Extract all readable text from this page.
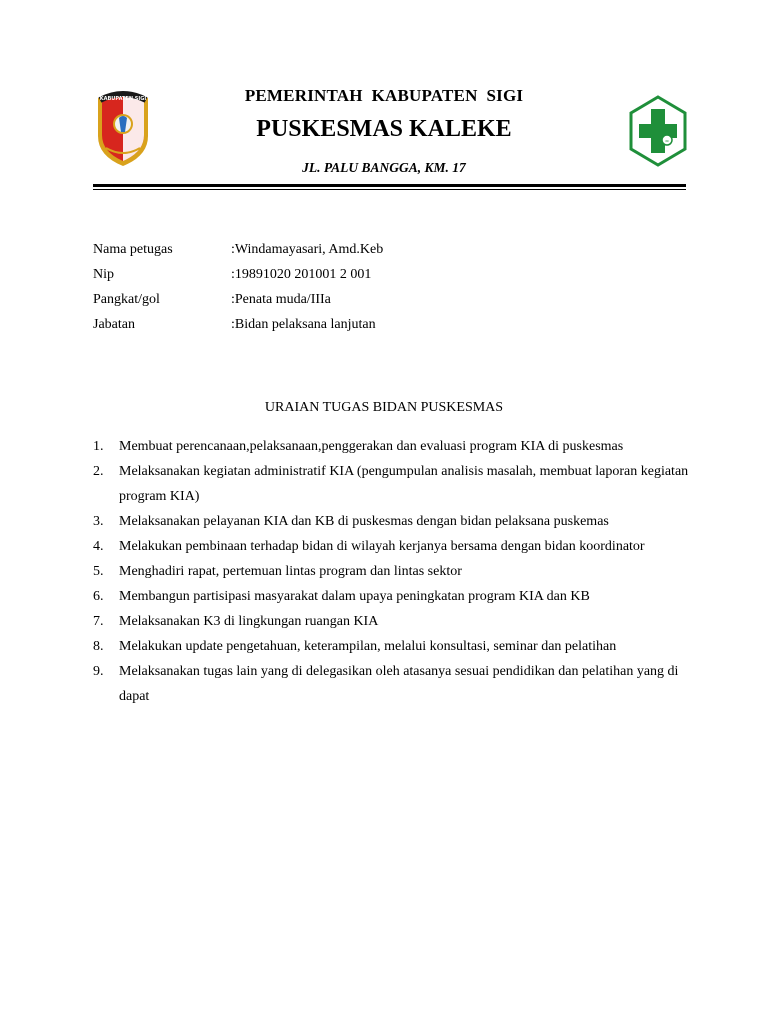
KABUPATEN SIGI
∞
PEMERINTAH  KABUPATEN  SIGI
PUSKESMAS KALEKE
JL. PALU BANGGA, KM. 17
Nama petugas	:Windamayasari, Amd.Keb
Nip	:19891020 201001 2 001
Pangkat/gol	:Penata muda/IIIa
Jabatan	:Bidan pelaksana lanjutan
URAIAN TUGAS BIDAN PUSKESMAS
1.	Membuat perencanaan,pelaksanaan,penggerakan dan evaluasi program KIA di puskesmas
2.	Melaksanakan kegiatan administratif KIA (pengumpulan analisis masalah, membuat laporan kegiatan program KIA)
3.	Melaksanakan pelayanan KIA dan KB di puskesmas dengan bidan pelaksana puskemas
4.	Melakukan pembinaan terhadap bidan di wilayah kerjanya bersama dengan bidan koordinator
5.	Menghadiri rapat, pertemuan lintas program dan lintas sektor
6.	Membangun partisipasi masyarakat dalam upaya peningkatan program KIA dan KB
7.	Melaksanakan K3 di lingkungan ruangan KIA
8.	Melakukan update pengetahuan, keterampilan, melalui konsultasi, seminar dan pelatihan
9.	Melaksanakan tugas lain yang di delegasikan oleh atasanya sesuai pendidikan dan pelatihan yang di dapat
